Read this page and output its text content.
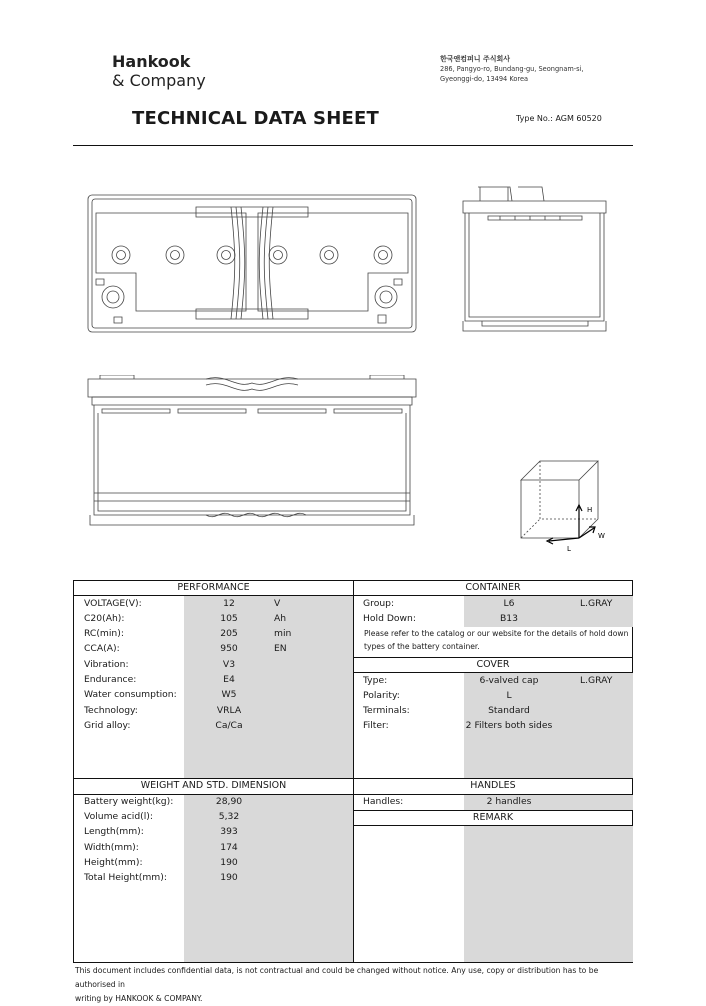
Hankook
& Company
한국앤컴퍼니 주식회사
286, Pangyo-ro, Bundang-gu, Seongnam-si,
Gyeonggi-do, 13494 Korea
TECHNICAL DATA SHEET	Type No.: AGM 60520
H
W
L
PERFORMANCE	CONTAINER
COVER
WEIGHT AND STD. DIMENSION	HANDLES
REMARK
VOLTAGE(V):	12	V
C20(Ah):	105	Ah
RC(min):	205	min
CCA(A):	950	EN
Vibration:	V3
Endurance:	E4
Water consumption:	W5
Technology:	VRLA
Grid alloy:	Ca/Ca
Group:	L6	L.GRAY
Hold Down:	B13
Please refer to the catalog or our website for the details of hold down
types of the battery container.
Type:	6-valved cap	L.GRAY
Polarity:	L
Terminals:	Standard
Filter:	2 Filters both sides
Battery weight(kg):	28,90
Volume acid(l):	5,32
Length(mm):	393
Width(mm):	174
Height(mm):	190
Total Height(mm):	190
Handles:	2 handles
This document includes confidential data, is not contractual and could be changed without notice. Any use, copy or distribution has to be authorised in
writing by HANKOOK & COMPANY.
